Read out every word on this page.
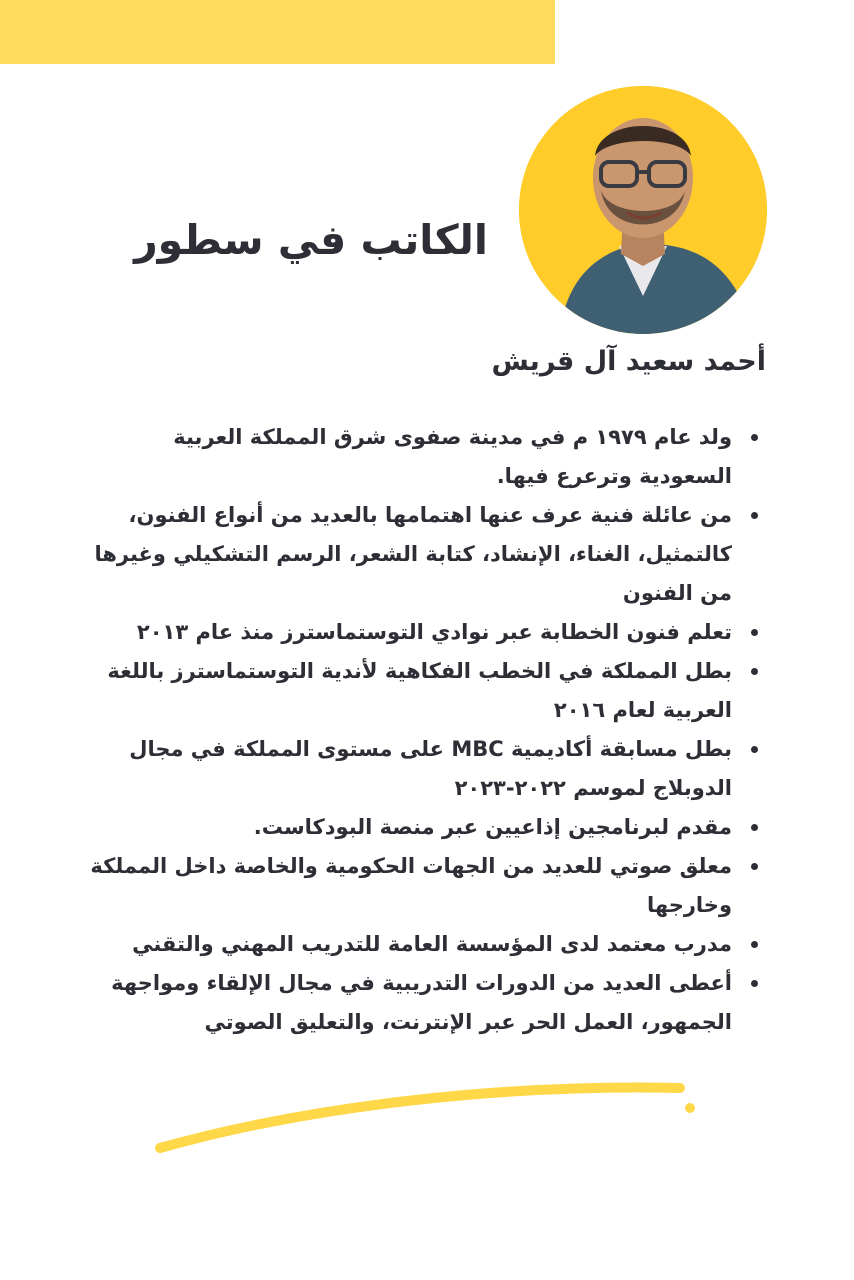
الكاتب في سطور
أحمد سعيد آل قريش
ولد عام ١٩٧٩ م في مدينة صفوى شرق المملكة العربية السعودية وترعرع فيها.
من عائلة فنية عرف عنها اهتمامها بالعديد من أنواع الفنون، كالتمثيل، الغناء، الإنشاد، كتابة الشعر، الرسم التشكيلي وغيرها من الفنون
تعلم فنون الخطابة عبر نوادي التوستماسترز منذ عام ٢٠١٣
بطل المملكة في الخطب الفكاهية لأندية التوستماسترز باللغة العربية لعام ٢٠١٦
بطل مسابقة أكاديمية MBC على مستوى المملكة في مجال الدوبلاج لموسم ٢٠٢٢-٢٠٢٣
مقدم لبرنامجين إذاعيين عبر منصة البودكاست.
معلق صوتي للعديد من الجهات الحكومية والخاصة داخل المملكة وخارجها
مدرب معتمد لدى المؤسسة العامة للتدريب المهني والتقني
أعطى العديد من الدورات التدريبية في مجال الإلقاء ومواجهة الجمهور، العمل الحر عبر الإنترنت، والتعليق الصوتي
